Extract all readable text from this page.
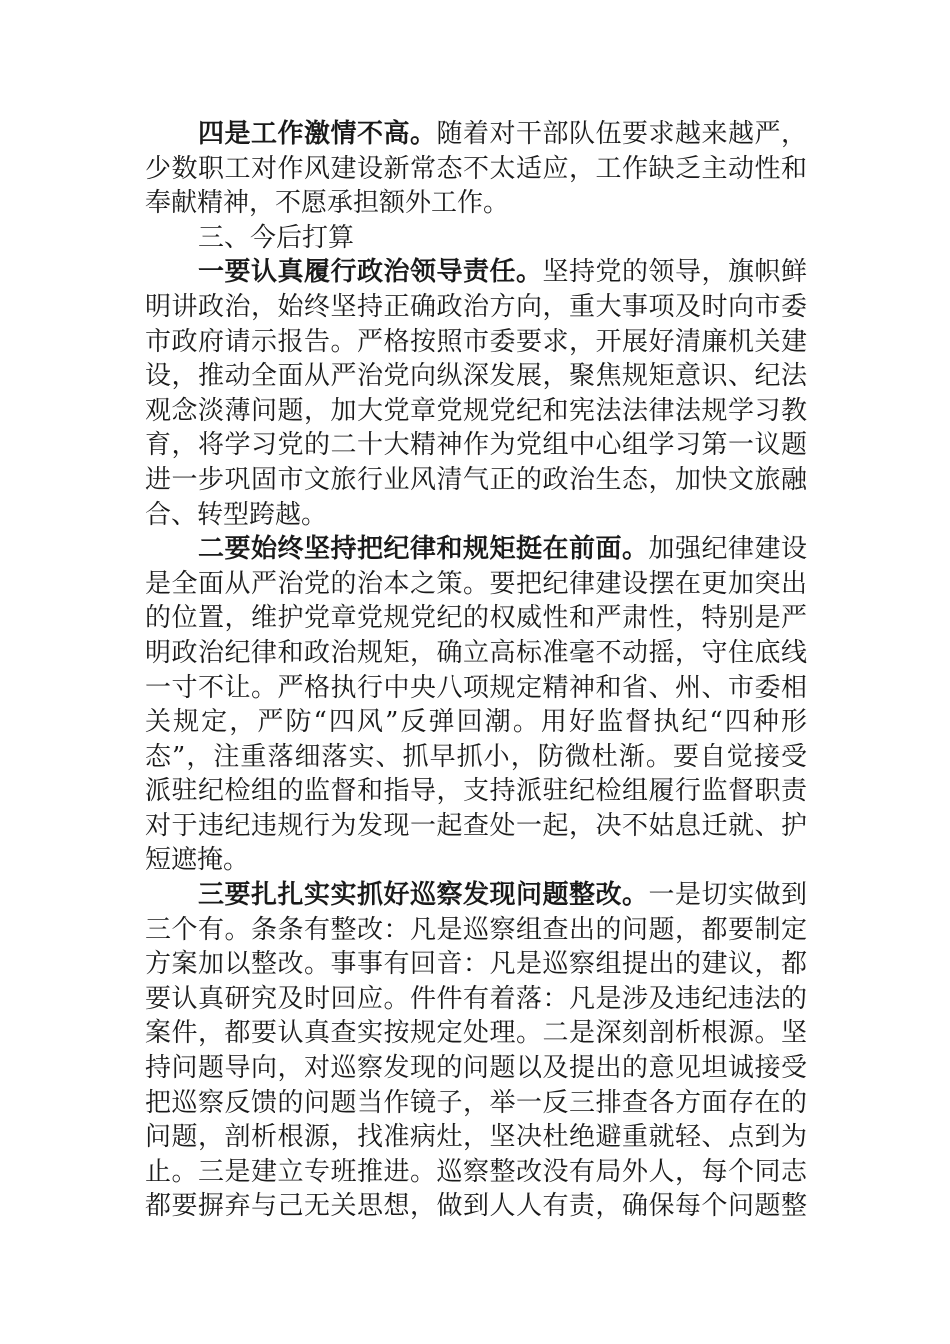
四是工作激情不高。随着对干部队伍要求越来越严，
少数职工对作风建设新常态不太适应，工作缺乏主动性和
奉献精神，不愿承担额外工作。
三、今后打算
一要认真履行政治领导责任。坚持党的领导，旗帜鲜
明讲政治，始终坚持正确政治方向，重大事项及时向市委
市政府请示报告。严格按照市委要求，开展好清廉机关建
设，推动全面从严治党向纵深发展，聚焦规矩意识、纪法
观念淡薄问题，加大党章党规党纪和宪法法律法规学习教
育，将学习党的二十大精神作为党组中心组学习第一议题
进一步巩固市文旅行业风清气正的政治生态，加快文旅融
合、转型跨越。
二要始终坚持把纪律和规矩挺在前面。加强纪律建设
是全面从严治党的治本之策。要把纪律建设摆在更加突出
的位置，维护党章党规党纪的权威性和严肃性，特别是严
明政治纪律和政治规矩，确立高标准毫不动摇，守住底线
一寸不让。严格执行中央八项规定精神和省、州、市委相
关规定，严防“四风”反弹回潮。用好监督执纪“四种形
态”，注重落细落实、抓早抓小，防微杜渐。要自觉接受
派驻纪检组的监督和指导，支持派驻纪检组履行监督职责
对于违纪违规行为发现一起查处一起，决不姑息迁就、护
短遮掩。
三要扎扎实实抓好巡察发现问题整改。一是切实做到
三个有。条条有整改：凡是巡察组查出的问题，都要制定
方案加以整改。事事有回音：凡是巡察组提出的建议，都
要认真研究及时回应。件件有着落：凡是涉及违纪违法的
案件，都要认真查实按规定处理。二是深刻剖析根源。坚
持问题导向，对巡察发现的问题以及提出的意见坦诚接受
把巡察反馈的问题当作镜子，举一反三排查各方面存在的
问题，剖析根源，找准病灶，坚决杜绝避重就轻、点到为
止。三是建立专班推进。巡察整改没有局外人，每个同志
都要摒弃与己无关思想，做到人人有责，确保每个问题整
